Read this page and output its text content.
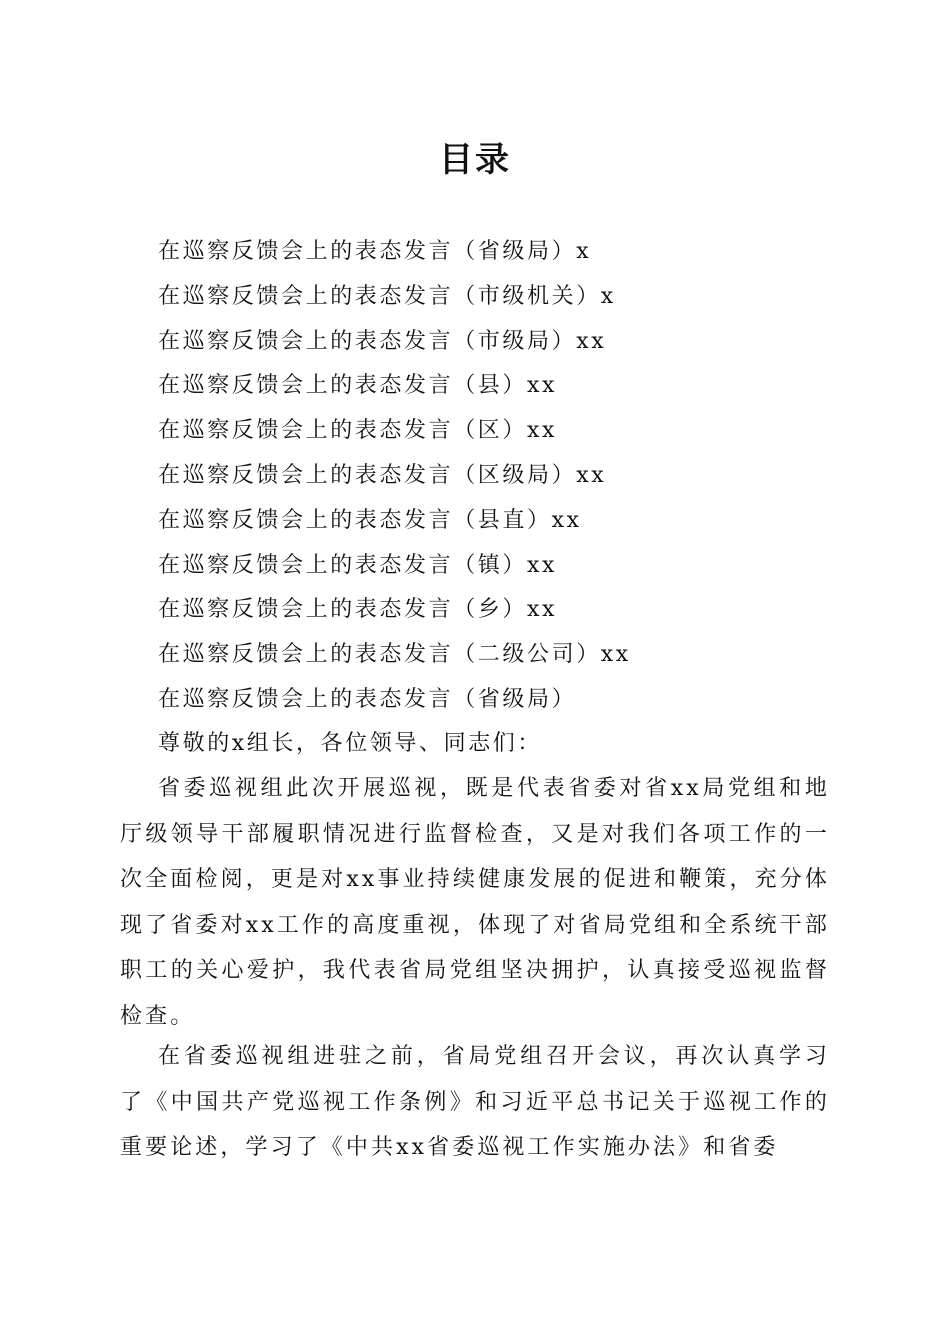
目录
在巡察反馈会上的表态发言（省级局）x
在巡察反馈会上的表态发言（市级机关）x
在巡察反馈会上的表态发言（市级局）xx
在巡察反馈会上的表态发言（县）xx
在巡察反馈会上的表态发言（区）xx
在巡察反馈会上的表态发言（区级局）xx
在巡察反馈会上的表态发言（县直）xx
在巡察反馈会上的表态发言（镇）xx
在巡察反馈会上的表态发言（乡）xx
在巡察反馈会上的表态发言（二级公司）xx
在巡察反馈会上的表态发言（省级局）
尊敬的x组长，各位领导、同志们：

省委巡视组此次开展巡视，既是代表省委对省xx局党组和地厅级领导干部履职情况进行监督检查，又是对我们各项工作的一次全面检阅，更是对xx事业持续健康发展的促进和鞭策，充分体现了省委对xx工作的高度重视，体现了对省局党组和全系统干部职工的关心爱护，我代表省局党组坚决拥护，认真接受巡视监督检查。

在省委巡视组进驻之前，省局党组召开会议，再次认真学习了《中国共产党巡视工作条例》和习近平总书记关于巡视工作的重要论述，学习了《中共xx省委巡视工作实施办法》和省委
